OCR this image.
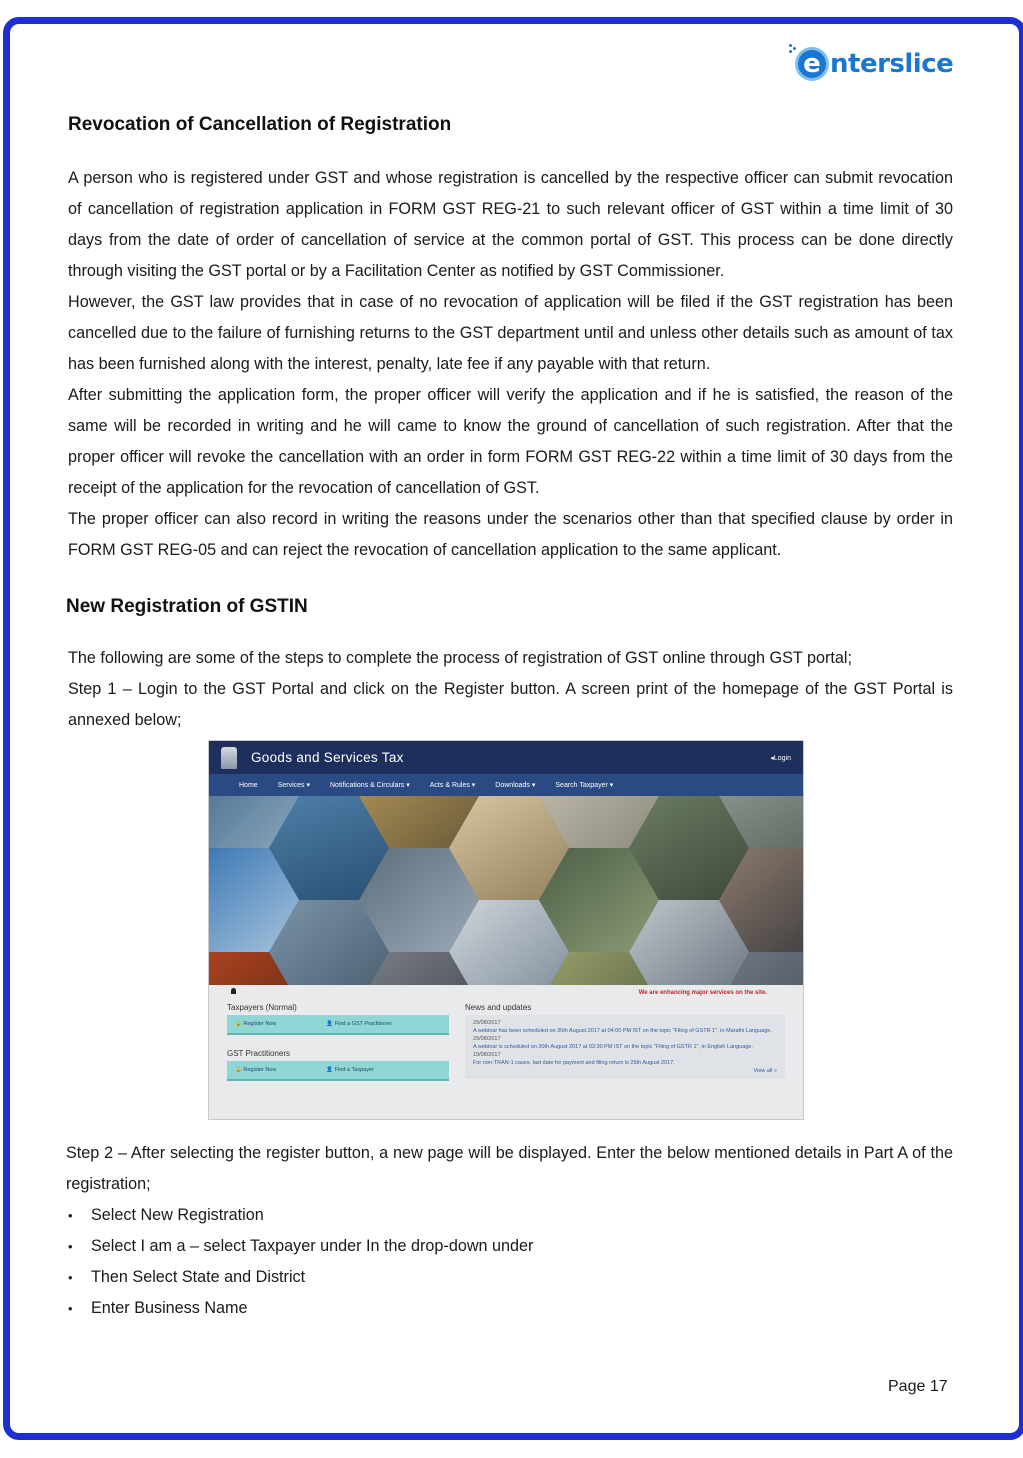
e nterslice
Revocation of Cancellation of Registration

A person who is registered under GST and whose registration is cancelled by the respective officer can submit revocation of cancellation of registration application in FORM GST REG-21 to such relevant officer of GST within a time limit of 30 days from the date of order of cancellation of service at the common portal of GST. This process can be done directly through visiting the GST portal or by a Facilitation Center as notified by GST Commissioner.

However, the GST law provides that in case of no revocation of application will be filed if the GST registration has been cancelled due to the failure of furnishing returns to the GST department until and unless other details such as amount of tax has been furnished along with the interest, penalty, late fee if any payable with that return.

After submitting the application form, the proper officer will verify the application and if he is satisfied, the reason of the same will be recorded in writing and he will came to know the ground of cancellation of such registration. After that the proper officer will revoke the cancellation with an order in form FORM GST REG-22 within a time limit of 30 days from the receipt of the application for the revocation of cancellation of GST.

The proper officer can also record in writing the reasons under the scenarios other than that specified clause by order in FORM GST REG-05 and can reject the revocation of cancellation application to the same applicant.

New Registration of GSTIN

The following are some of the steps to complete the process of registration of GST online through GST portal;

Step 1 – Login to the GST Portal and click on the Register button. A screen print of the homepage of the GST Portal is annexed below;

Goods and Services Tax	◂Login
Home	Services ▾	Notifications & Circulars ▾	Acts & Rules ▾	Downloads ▾	Search Taxpayer ▾
We are enhancing major services on the site.
Taxpayers (Normal)
🔒 Register Now	👤 Find a GST Practitioner
GST Practitioners
🔒 Register Now	👤 Find a Taxpayer
News and updates
29/08/2017
A webinar has been scheduled on 30th August 2017 at 04:00 PM IST on the topic "Filing of GSTR 1", in Marathi Language.
29/08/2017
A webinar is scheduled on 30th August 2017 at 02:30 PM IST on the topic "Filing of GSTR 1", in English Language.
19/08/2017
For non-TRAN-1 cases, last date for payment and filing return is 25th August 2017.
View all »
Step 2 – After selecting the register button, a new page will be displayed. Enter the below mentioned details in Part A of the registration;
• Select New Registration
• Select I am a – select Taxpayer under In the drop-down under
• Then Select State and District
• Enter Business Name
Page 17
